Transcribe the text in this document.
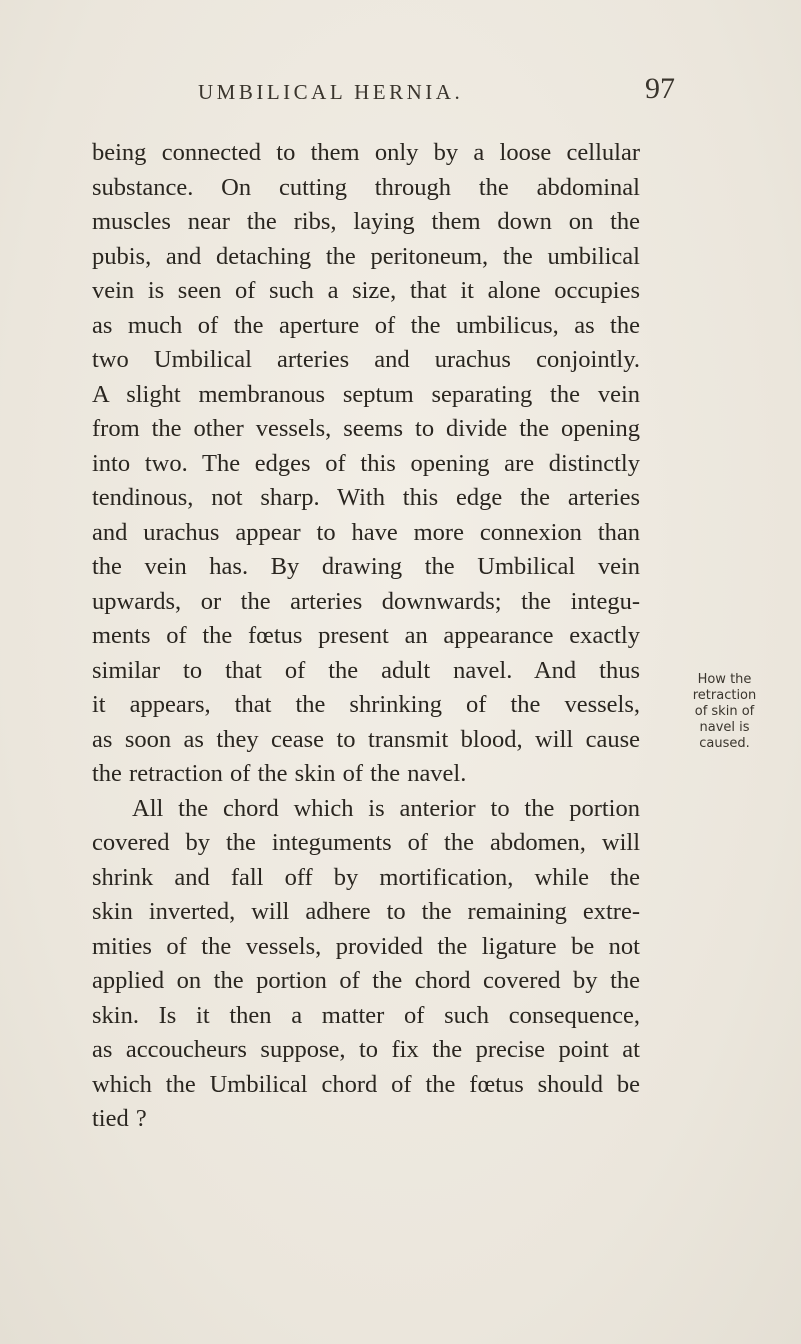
UMBILICAL HERNIA.	97
being connected to them only by a loose cellular
substance. On cutting through the abdominal
muscles near the ribs, laying them down on the
pubis, and detaching the peritoneum, the umbilical
vein is seen of such a size, that it alone occupies
as much of the aperture of the umbilicus, as the
two Umbilical arteries and urachus conjointly.
A slight membranous septum separating the vein
from the other vessels, seems to divide the opening
into two. The edges of this opening are distinctly
tendinous, not sharp. With this edge the arteries
and urachus appear to have more connexion than
the vein has. By drawing the Umbilical vein
upwards, or the arteries downwards; the integu-
ments of the fœtus present an appearance exactly
similar to that of the adult navel. And thus
it appears, that the shrinking of the vessels,
as soon as they cease to transmit blood, will cause
the retraction of the skin of the navel.
All the chord which is anterior to the portion
covered by the integuments of the abdomen, will
shrink and fall off by mortification, while the
skin inverted, will adhere to the remaining extre-
mities of the vessels, provided the ligature be not
applied on the portion of the chord covered by the
skin. Is it then a matter of such consequence,
as accoucheurs suppose, to fix the precise point at
which the Umbilical chord of the fœtus should be
tied ?
How the
retraction
of skin of
navel is
caused.
